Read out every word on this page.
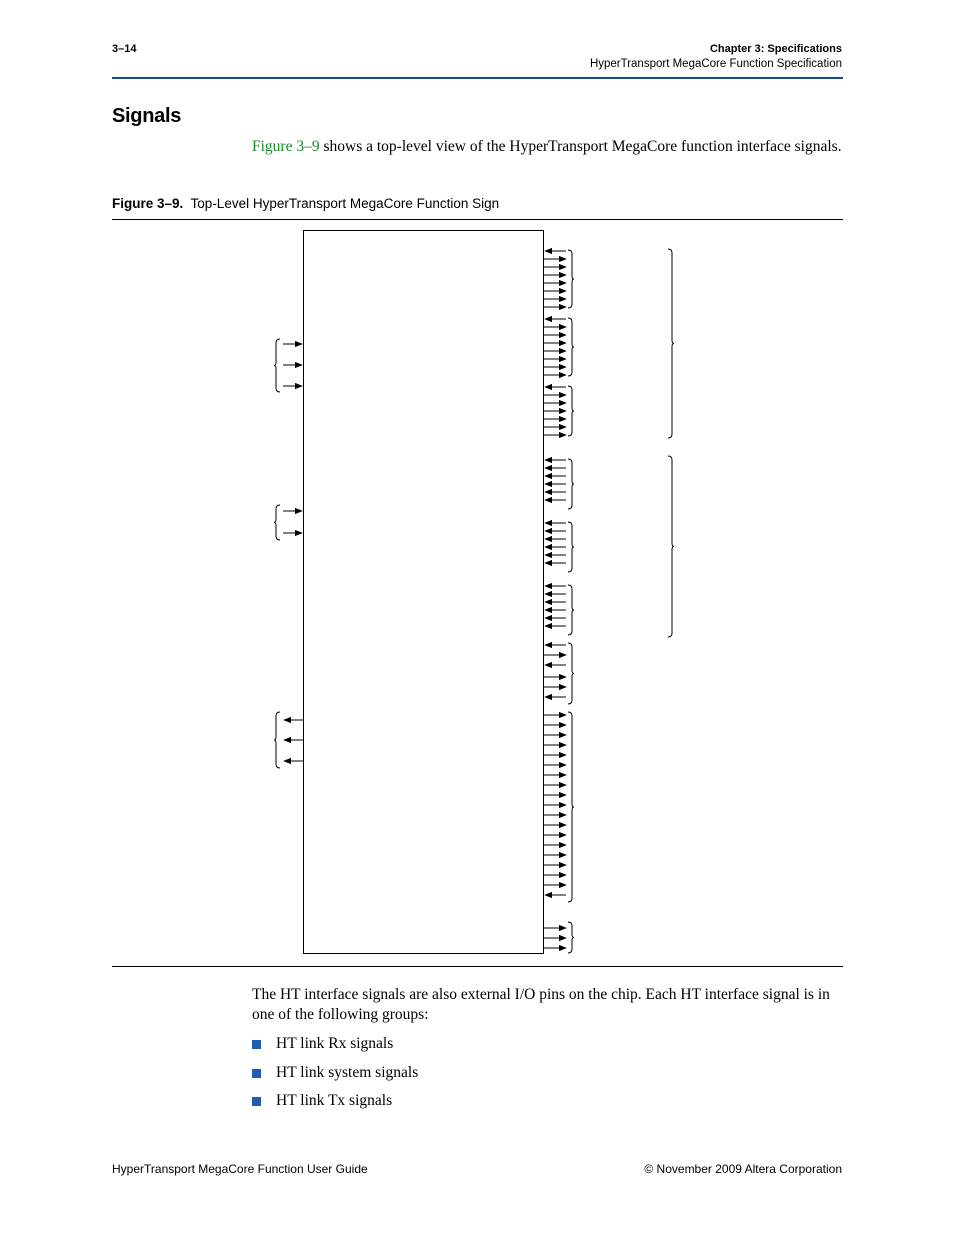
3–14	Chapter 3: Specifications
HyperTransport MegaCore Function Specification
Signals
Figure 3–9 shows a top-level view of the HyperTransport MegaCore function interface signals.
Figure 3–9. Top-Level HyperTransport MegaCore Function Sign
The HT interface signals are also external I/O pins on the chip. Each HT interface signal is in one of the following groups:
HT link Rx signals
HT link system signals
HT link Tx signals
HyperTransport MegaCore Function User Guide	© November 2009 Altera Corporation
